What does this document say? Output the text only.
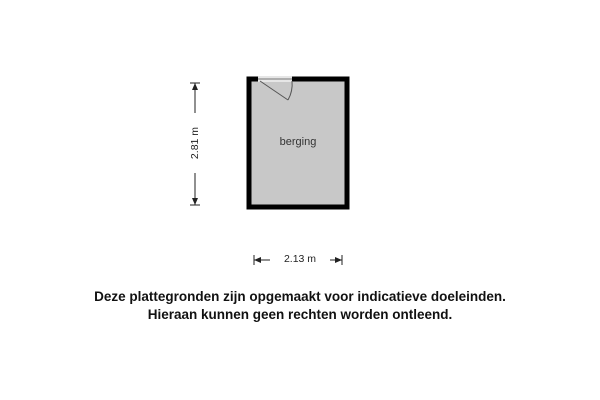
berging
2.13 m
2.81 m
Deze plattegronden zijn opgemaakt voor indicatieve doeleinden.
Hieraan kunnen geen rechten worden ontleend.
